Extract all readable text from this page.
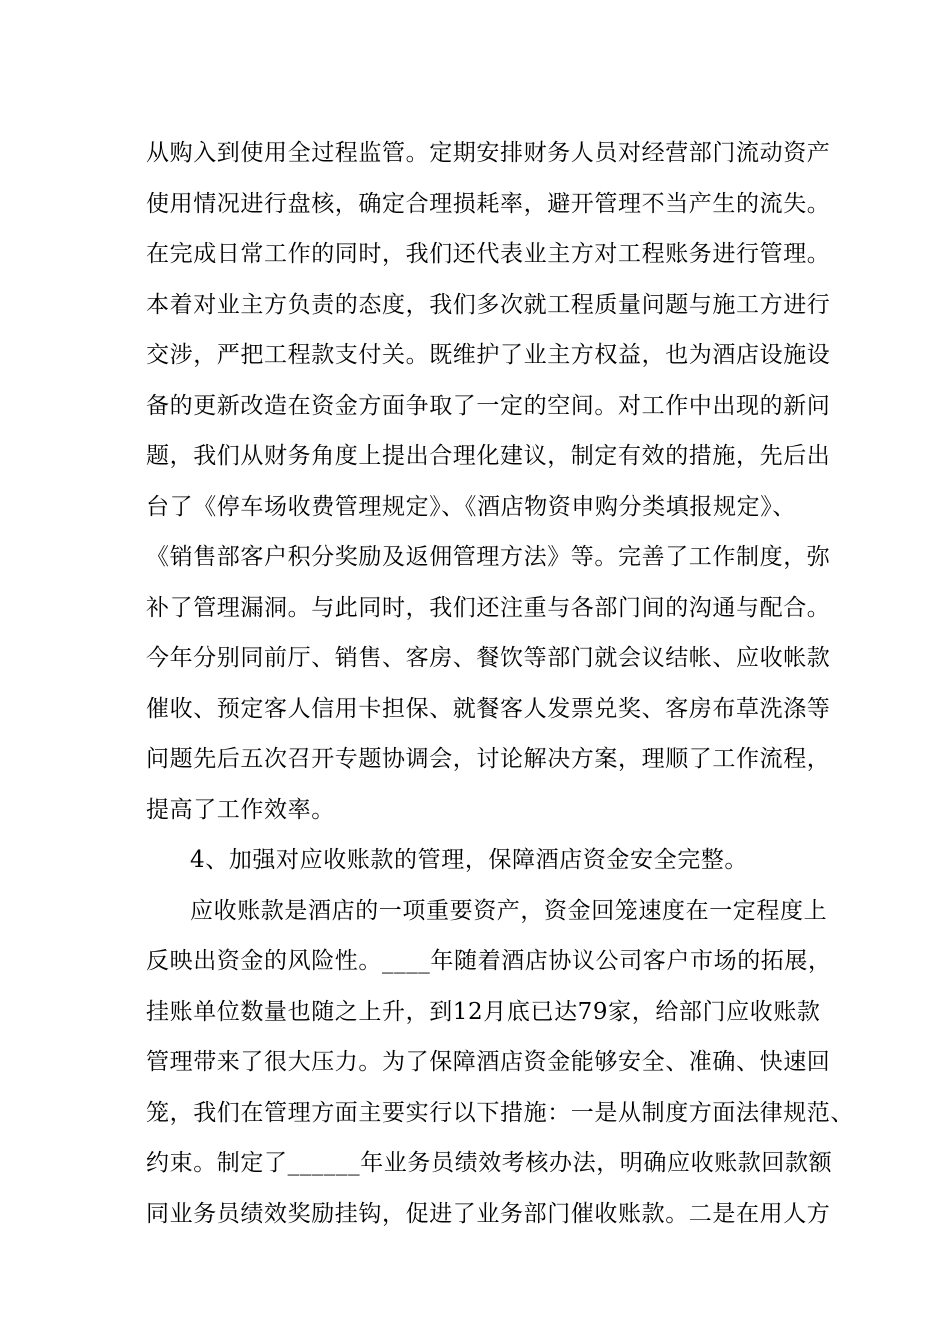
从购入到使用全过程监管。定期安排财务人员对经营部门流动资产
使用情况进行盘核，确定合理损耗率，避开管理不当产生的流失。
在完成日常工作的同时，我们还代表业主方对工程账务进行管理。
本着对业主方负责的态度，我们多次就工程质量问题与施工方进行
交涉，严把工程款支付关。既维护了业主方权益，也为酒店设施设
备的更新改造在资金方面争取了一定的空间。对工作中出现的新问
题，我们从财务角度上提出合理化建议，制定有效的措施，先后出
台了《停车场收费管理规定》、《酒店物资申购分类填报规定》、
《销售部客户积分奖励及返佣管理方法》等。完善了工作制度，弥
补了管理漏洞。与此同时，我们还注重与各部门间的沟通与配合。
今年分别同前厅、销售、客房、餐饮等部门就会议结帐、应收帐款
催收、预定客人信用卡担保、就餐客人发票兑奖、客房布草洗涤等
问题先后五次召开专题协调会，讨论解决方案，理顺了工作流程，
提高了工作效率。
4、加强对应收账款的管理，保障酒店资金安全完整。
应收账款是酒店的一项重要资产，资金回笼速度在一定程度上
反映出资金的风险性。____年随着酒店协议公司客户市场的拓展，
挂账单位数量也随之上升，到12月底已达79家，给部门应收账款
管理带来了很大压力。为了保障酒店资金能够安全、准确、快速回
笼，我们在管理方面主要实行以下措施：一是从制度方面法律规范、
约束。制定了______年业务员绩效考核办法，明确应收账款回款额
同业务员绩效奖励挂钩，促进了业务部门催收账款。二是在用人方
